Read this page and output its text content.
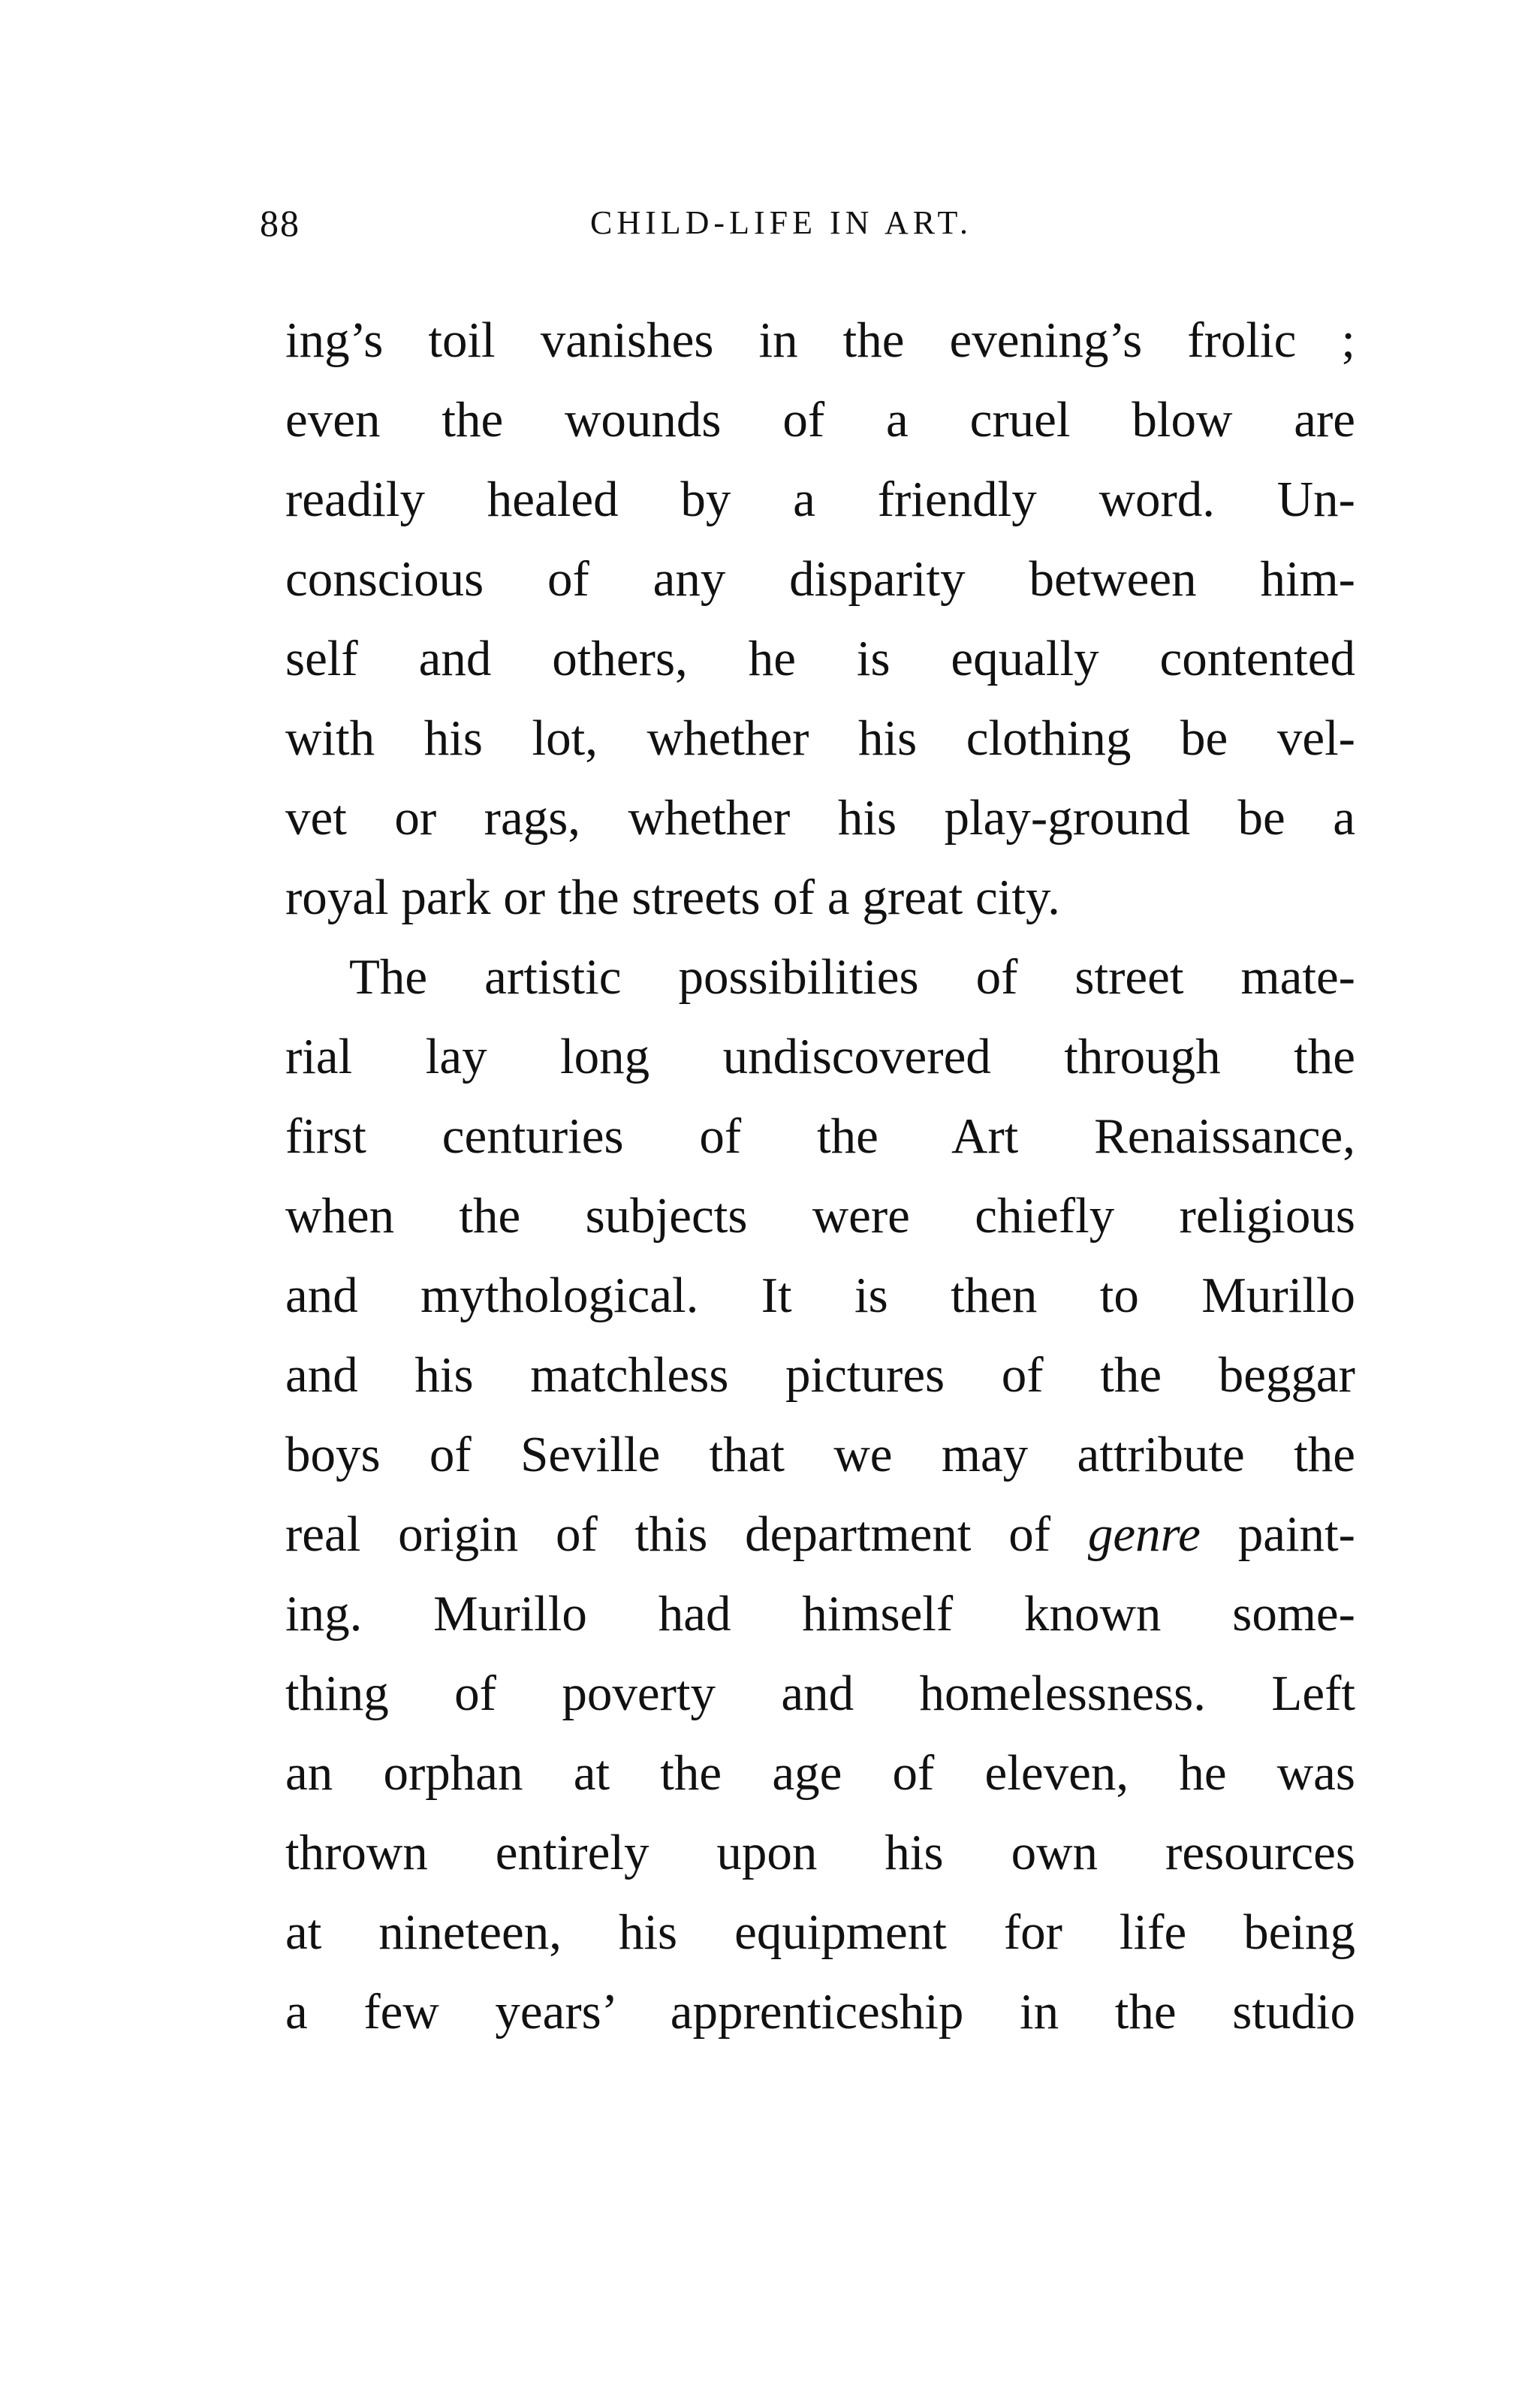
88	CHILD-LIFE IN ART.
ing’s toil vanishes in the evening’s frolic ;
even the wounds of a cruel blow are
readily healed by a friendly word. Un-
conscious of any disparity between him-
self and others, he is equally contented
with his lot, whether his clothing be vel-
vet or rags, whether his play-ground be a
royal park or the streets of a great city.
The artistic possibilities of street mate-
rial lay long undiscovered through the
first centuries of the Art Renaissance,
when the subjects were chiefly religious
and mythological. It is then to Murillo
and his matchless pictures of the beggar
boys of Seville that we may attribute the
real origin of this department of genre paint-
ing. Murillo had himself known some-
thing of poverty and homelessness. Left
an orphan at the age of eleven, he was
thrown entirely upon his own resources
at nineteen, his equipment for life being
a few years’ apprenticeship in the studio
